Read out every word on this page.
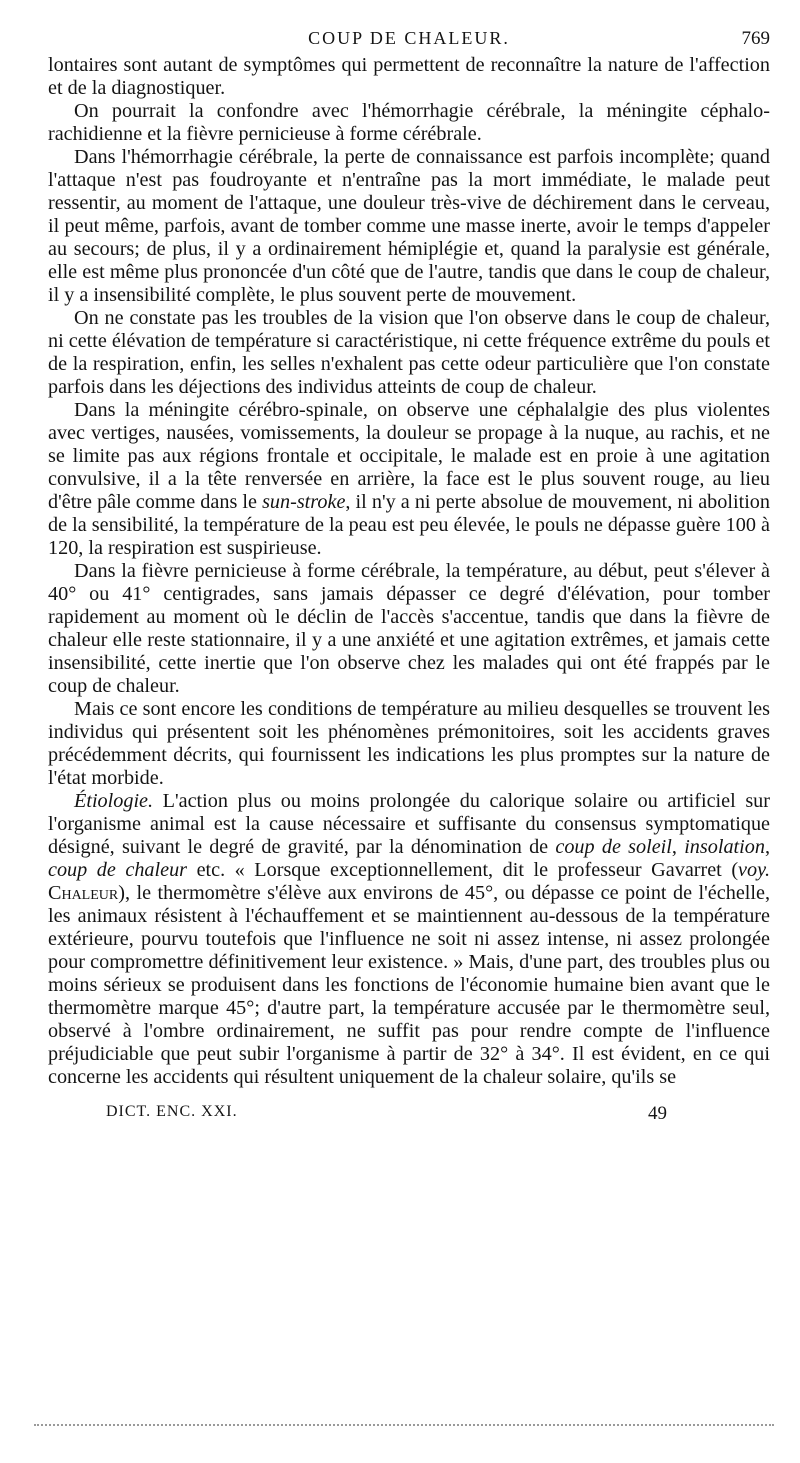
COUP DE CHALEUR.	769

lontaires sont autant de symptômes qui permettent de reconnaître la nature de l'affection et de la diagnostiquer.

On pourrait la confondre avec l'hémorrhagie cérébrale, la méningite céphalorachidienne et la fièvre pernicieuse à forme cérébrale.

Dans l'hémorrhagie cérébrale, la perte de connaissance est parfois incomplète; quand l'attaque n'est pas foudroyante et n'entraîne pas la mort immédiate, le malade peut ressentir, au moment de l'attaque, une douleur très-vive de déchirement dans le cerveau, il peut même, parfois, avant de tomber comme une masse inerte, avoir le temps d'appeler au secours; de plus, il y a ordinairement hémiplégie et, quand la paralysie est générale, elle est même plus prononcée d'un côté que de l'autre, tandis que dans le coup de chaleur, il y a insensibilité complète, le plus souvent perte de mouvement.

On ne constate pas les troubles de la vision que l'on observe dans le coup de chaleur, ni cette élévation de température si caractéristique, ni cette fréquence extrême du pouls et de la respiration, enfin, les selles n'exhalent pas cette odeur particulière que l'on constate parfois dans les déjections des individus atteints de coup de chaleur.

Dans la méningite cérébro-spinale, on observe une céphalalgie des plus violentes avec vertiges, nausées, vomissements, la douleur se propage à la nuque, au rachis, et ne se limite pas aux régions frontale et occipitale, le malade est en proie à une agitation convulsive, il a la tête renversée en arrière, la face est le plus souvent rouge, au lieu d'être pâle comme dans le sun-stroke, il n'y a ni perte absolue de mouvement, ni abolition de la sensibilité, la température de la peau est peu élevée, le pouls ne dépasse guère 100 à 120, la respiration est suspirieuse.

Dans la fièvre pernicieuse à forme cérébrale, la température, au début, peut s'élever à 40° ou 41° centigrades, sans jamais dépasser ce degré d'élévation, pour tomber rapidement au moment où le déclin de l'accès s'accentue, tandis que dans la fièvre de chaleur elle reste stationnaire, il y a une anxiété et une agitation extrêmes, et jamais cette insensibilité, cette inertie que l'on observe chez les malades qui ont été frappés par le coup de chaleur.

Mais ce sont encore les conditions de température au milieu desquelles se trouvent les individus qui présentent soit les phénomènes prémonitoires, soit les accidents graves précédemment décrits, qui fournissent les indications les plus promptes sur la nature de l'état morbide.

Étiologie. L'action plus ou moins prolongée du calorique solaire ou artificiel sur l'organisme animal est la cause nécessaire et suffisante du consensus symptomatique désigné, suivant le degré de gravité, par la dénomination de coup de soleil, insolation, coup de chaleur etc. « Lorsque exceptionnellement, dit le professeur Gavarret (voy. Chaleur), le thermomètre s'élève aux environs de 45°, ou dépasse ce point de l'échelle, les animaux résistent à l'échauffement et se maintiennent au-dessous de la température extérieure, pourvu toutefois que l'influence ne soit ni assez intense, ni assez prolongée pour compromettre définitivement leur existence. » Mais, d'une part, des troubles plus ou moins sérieux se produisent dans les fonctions de l'économie humaine bien avant que le thermomètre marque 45°; d'autre part, la température accusée par le thermomètre seul, observé à l'ombre ordinairement, ne suffit pas pour rendre compte de l'influence préjudiciable que peut subir l'organisme à partir de 32° à 34°. Il est évident, en ce qui concerne les accidents qui résultent uniquement de la chaleur solaire, qu'ils se

DICT. ENC. XXI.	49
